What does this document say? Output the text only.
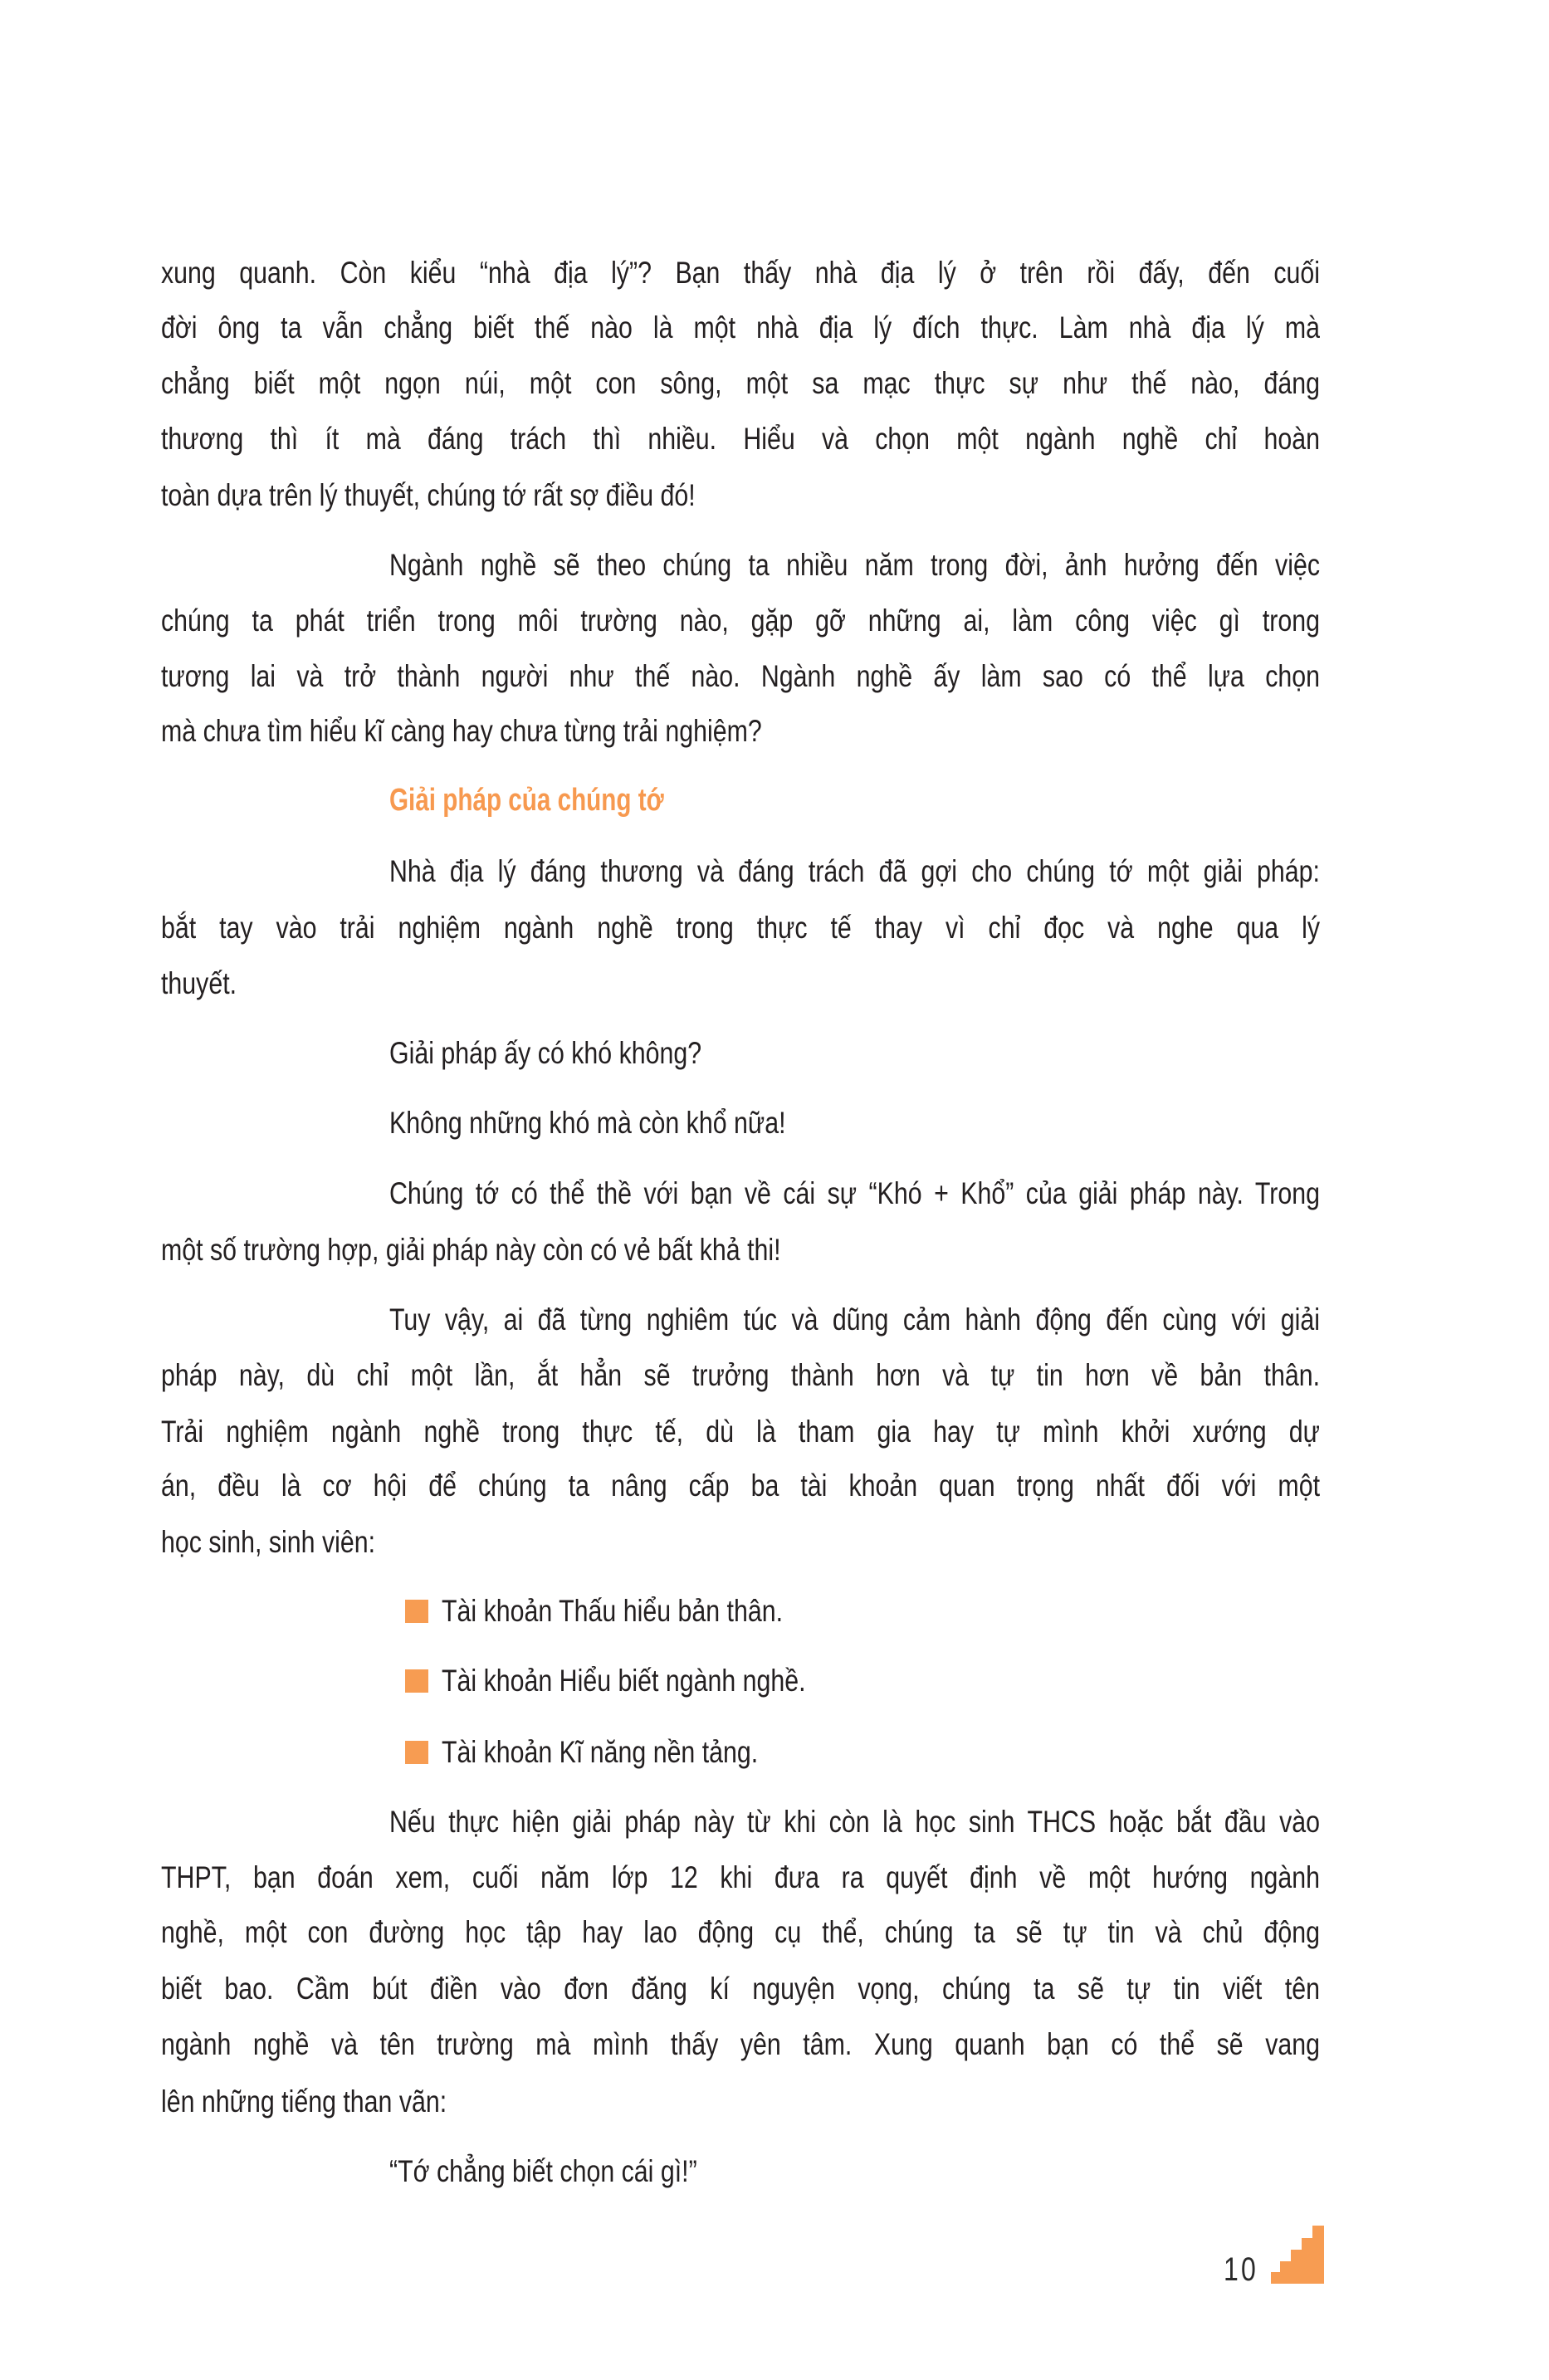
xung quanh. Còn kiểu “nhà địa lý”? Bạn thấy nhà địa lý ở trên rồi đấy, đến cuối
đời ông ta vẫn chẳng biết thế nào là một nhà địa lý đích thực. Làm nhà địa lý mà
chẳng biết một ngọn núi, một con sông, một sa mạc thực sự như thế nào, đáng
thương thì ít mà đáng trách thì nhiều. Hiểu và chọn một ngành nghề chỉ hoàn
toàn dựa trên lý thuyết, chúng tớ rất sợ điều đó!
Ngành nghề sẽ theo chúng ta nhiều năm trong đời, ảnh hưởng đến việc
chúng ta phát triển trong môi trường nào, gặp gỡ những ai, làm công việc gì trong
tương lai và trở thành người như thế nào. Ngành nghề ấy làm sao có thể lựa chọn
mà chưa tìm hiểu kĩ càng hay chưa từng trải nghiệm?
Giải pháp của chúng tớ
Nhà địa lý đáng thương và đáng trách đã gợi cho chúng tớ một giải pháp:
bắt tay vào trải nghiệm ngành nghề trong thực tế thay vì chỉ đọc và nghe qua lý
thuyết.
Giải pháp ấy có khó không?
Không những khó mà còn khổ nữa!
Chúng tớ có thể thề với bạn về cái sự “Khó + Khổ” của giải pháp này. Trong
một số trường hợp, giải pháp này còn có vẻ bất khả thi!
Tuy vậy, ai đã từng nghiêm túc và dũng cảm hành động đến cùng với giải
pháp này, dù chỉ một lần, ắt hẳn sẽ trưởng thành hơn và tự tin hơn về bản thân.
Trải nghiệm ngành nghề trong thực tế, dù là tham gia hay tự mình khởi xướng dự
án, đều là cơ hội để chúng ta nâng cấp ba tài khoản quan trọng nhất đối với một
học sinh, sinh viên:
Tài khoản Thấu hiểu bản thân.
Tài khoản Hiểu biết ngành nghề.
Tài khoản Kĩ năng nền tảng.
Nếu thực hiện giải pháp này từ khi còn là học sinh THCS hoặc bắt đầu vào
THPT, bạn đoán xem, cuối năm lớp 12 khi đưa ra quyết định về một hướng ngành
nghề, một con đường học tập hay lao động cụ thể, chúng ta sẽ tự tin và chủ động
biết bao. Cầm bút điền vào đơn đăng kí nguyện vọng, chúng ta sẽ tự tin viết tên
ngành nghề và tên trường mà mình thấy yên tâm. Xung quanh bạn có thể sẽ vang
lên những tiếng than vãn:
“Tớ chẳng biết chọn cái gì!”
10
